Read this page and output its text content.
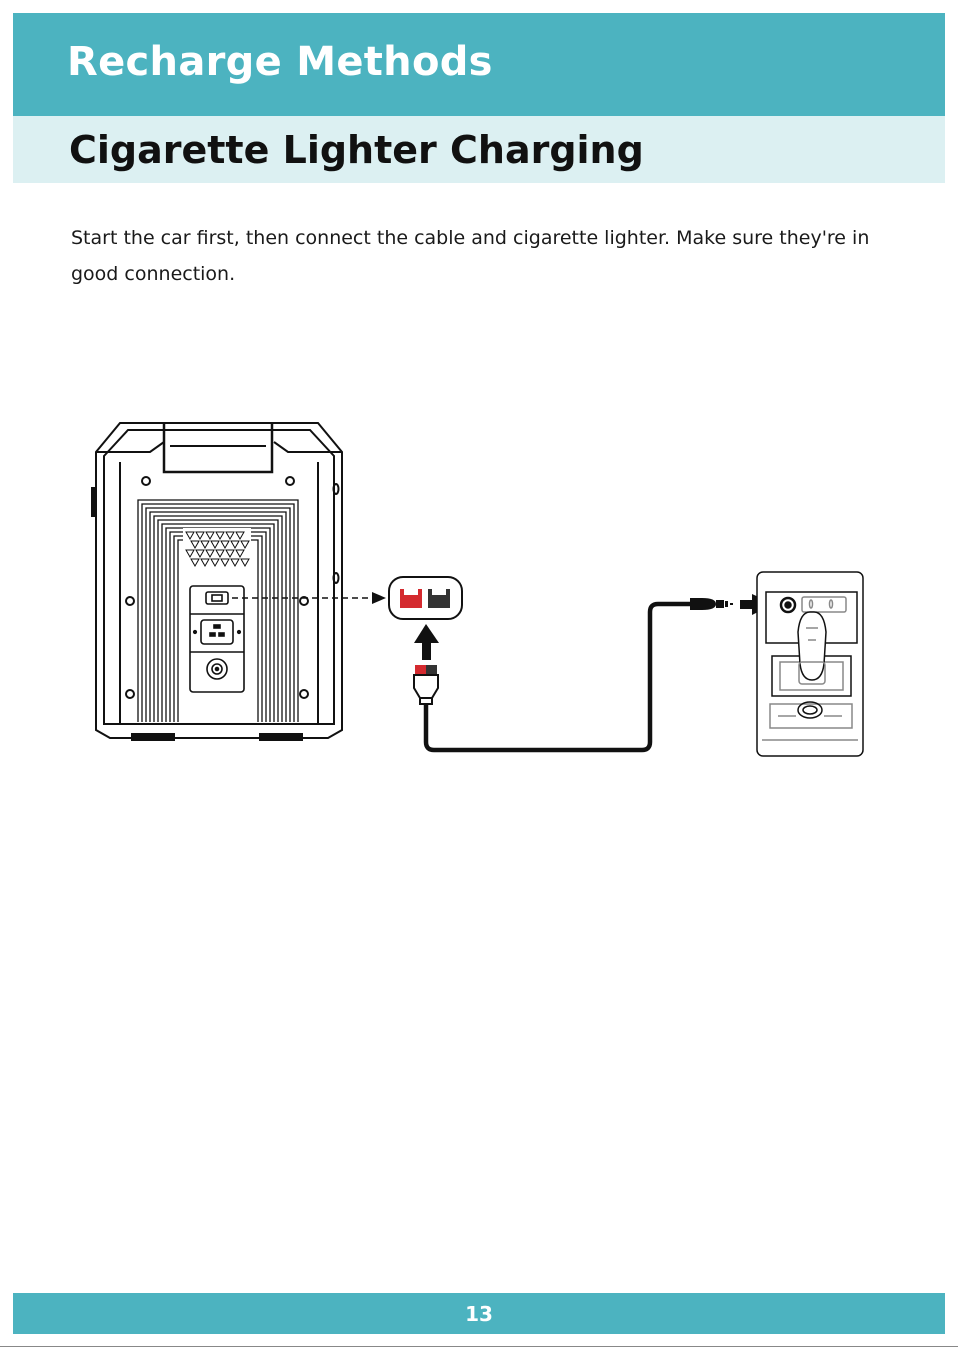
Recharge Methods
Cigarette Lighter Charging

Start the car first, then connect the cable and cigarette lighter. Make sure they're in good connection.

13
